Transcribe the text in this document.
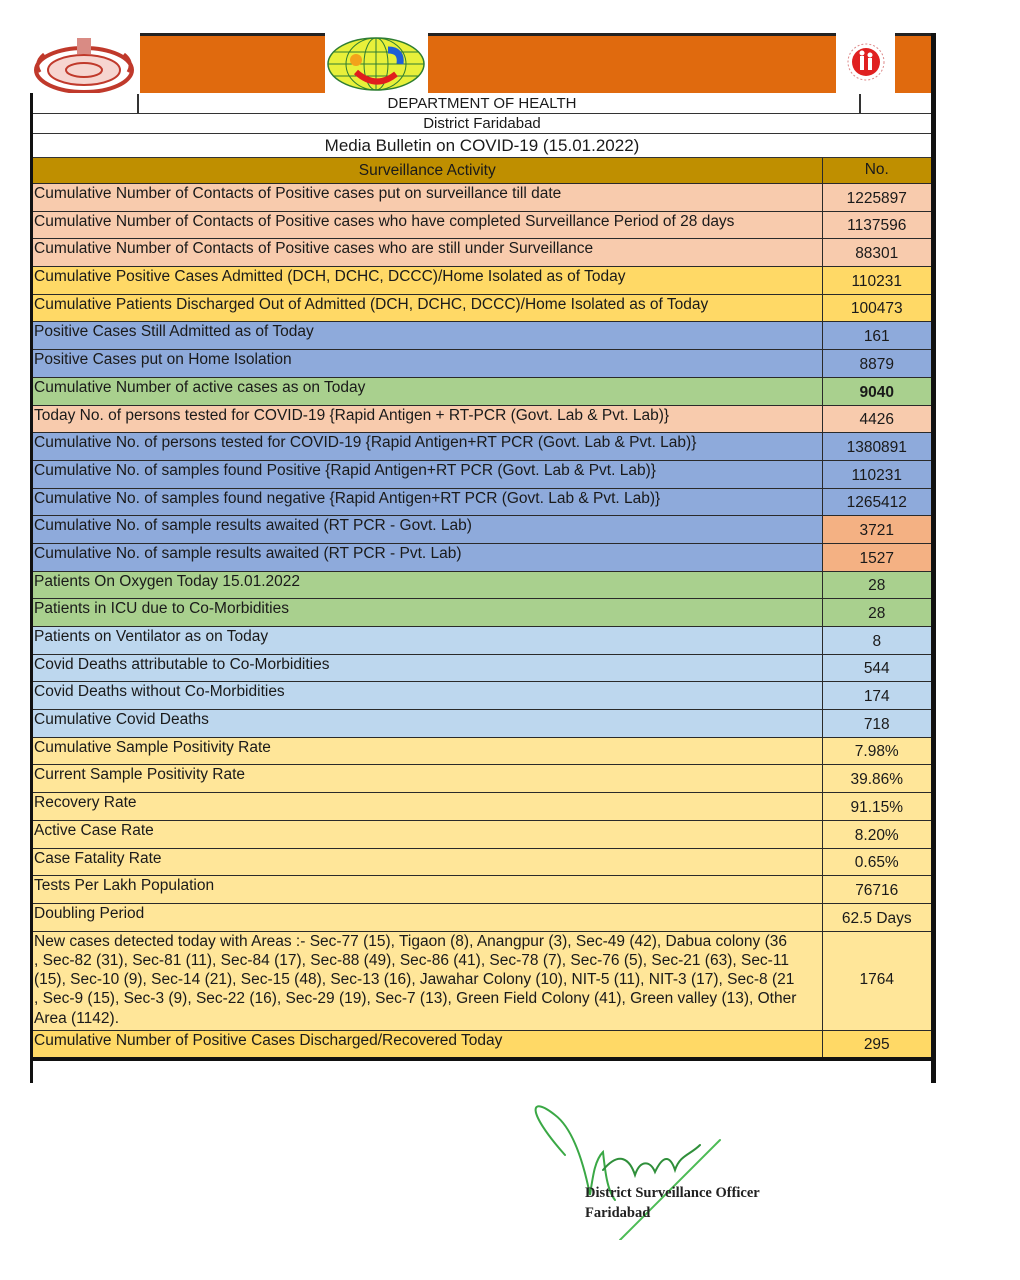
DEPARTMENT OF HEALTH
District Faridabad
Media Bulletin on COVID-19 (15.01.2022)
Surveillance Activity	No.
Cumulative Number of Contacts of Positive cases put on surveillance till date	1225897
Cumulative Number of Contacts of Positive cases who have completed Surveillance Period of 28 days	1137596
Cumulative Number of Contacts of Positive cases who are still under Surveillance	88301
Cumulative Positive Cases Admitted (DCH, DCHC, DCCC)/Home Isolated as of Today	110231
Cumulative Patients Discharged Out of Admitted (DCH, DCHC, DCCC)/Home Isolated as of Today	100473
Positive Cases Still Admitted as of Today	161
Positive Cases put on Home Isolation	8879
Cumulative Number of active cases as on Today	9040
Today No. of persons tested for COVID-19 {Rapid Antigen + RT-PCR (Govt. Lab & Pvt. Lab)}	4426
Cumulative No. of persons tested for COVID-19 {Rapid Antigen+RT PCR (Govt. Lab & Pvt. Lab)}	1380891
Cumulative No. of samples found Positive {Rapid Antigen+RT PCR (Govt. Lab & Pvt. Lab)}	110231
Cumulative No. of samples found negative {Rapid Antigen+RT PCR (Govt. Lab & Pvt. Lab)}	1265412
Cumulative No. of sample results awaited (RT PCR - Govt. Lab)	3721
Cumulative No. of sample results awaited (RT PCR - Pvt. Lab)	1527
Patients On Oxygen Today 15.01.2022	28
Patients in ICU due to Co-Morbidities	28
Patients on Ventilator as on Today	8
Covid Deaths attributable to Co-Morbidities	544
Covid Deaths without Co-Morbidities	174
Cumulative Covid Deaths	718
Cumulative Sample Positivity Rate	7.98%
Current Sample Positivity Rate	39.86%
Recovery Rate	91.15%
Active Case Rate	8.20%
Case Fatality Rate	0.65%
Tests Per Lakh Population	76716
Doubling Period	62.5 Days

New cases detected today with Areas :- Sec-77 (15), Tigaon (8), Anangpur (3), Sec-49 (42), Dabua colony (36
, Sec-82 (31), Sec-81 (11), Sec-84 (17), Sec-88 (49), Sec-86 (41), Sec-78 (7), Sec-76 (5), Sec-21 (63), Sec-11
(15), Sec-10 (9), Sec-14 (21), Sec-15 (48), Sec-13 (16), Jawahar Colony (10), NIT-5 (11), NIT-3 (17), Sec-8 (21
, Sec-9 (15), Sec-3 (9), Sec-22 (16), Sec-29 (19), Sec-7 (13), Green Field Colony (41), Green valley (13), Other
Area (1142).	1764
Cumulative Number of Positive Cases Discharged/Recovered Today	295
District Surveillance Officer
Faridabad
